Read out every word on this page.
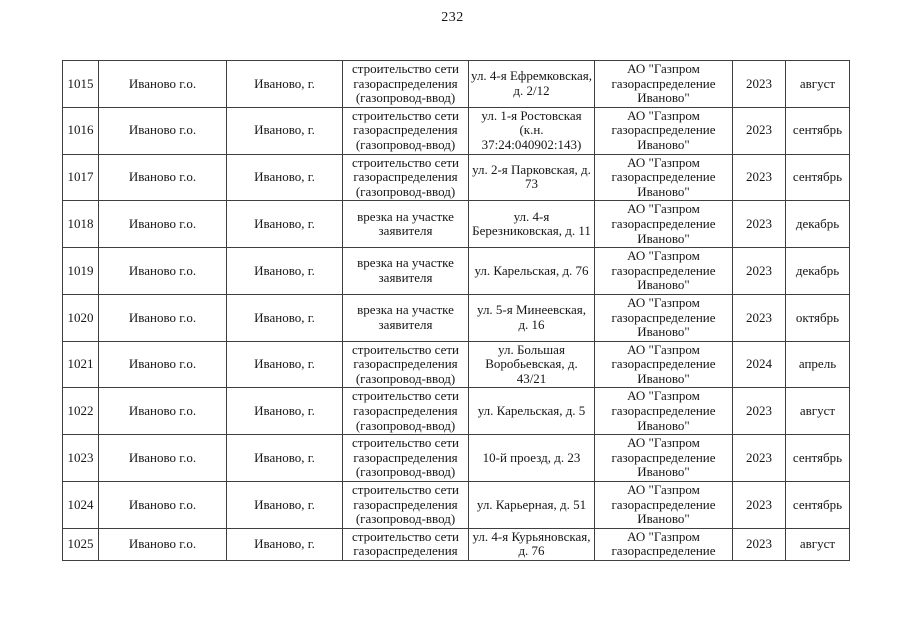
232
1015	Иваново г.о.	Иваново, г.	строительство сети газораспределения (газопровод-ввод)	ул. 4-я Ефремковская, д. 2/12	АО "Газпром газораспределение Иваново"	2023	август
1016	Иваново г.о.	Иваново, г.	строительство сети газораспределения (газопровод-ввод)	ул. 1-я Ростовская (к.н. 37:24:040902:143)	АО "Газпром газораспределение Иваново"	2023	сентябрь
1017	Иваново г.о.	Иваново, г.	строительство сети газораспределения (газопровод-ввод)	ул. 2-я Парковская, д. 73	АО "Газпром газораспределение Иваново"	2023	сентябрь
1018	Иваново г.о.	Иваново, г.	врезка на участке заявителя	ул. 4-я Березниковская, д. 11	АО "Газпром газораспределение Иваново"	2023	декабрь
1019	Иваново г.о.	Иваново, г.	врезка на участке заявителя	ул. Карельская, д. 76	АО "Газпром газораспределение Иваново"	2023	декабрь
1020	Иваново г.о.	Иваново, г.	врезка на участке заявителя	ул. 5-я Минеевская, д. 16	АО "Газпром газораспределение Иваново"	2023	октябрь
1021	Иваново г.о.	Иваново, г.	строительство сети газораспределения (газопровод-ввод)	ул. Большая Воробьевская, д. 43/21	АО "Газпром газораспределение Иваново"	2024	апрель
1022	Иваново г.о.	Иваново, г.	строительство сети газораспределения (газопровод-ввод)	ул. Карельская, д. 5	АО "Газпром газораспределение Иваново"	2023	август
1023	Иваново г.о.	Иваново, г.	строительство сети газораспределения (газопровод-ввод)	10-й проезд, д. 23	АО "Газпром газораспределение Иваново"	2023	сентябрь
1024	Иваново г.о.	Иваново, г.	строительство сети газораспределения (газопровод-ввод)	ул. Карьерная, д. 51	АО "Газпром газораспределение Иваново"	2023	сентябрь
1025	Иваново г.о.	Иваново, г.	строительство сети газораспределения	ул. 4-я Курьяновская, д. 76	АО "Газпром газораспределение	2023	август
